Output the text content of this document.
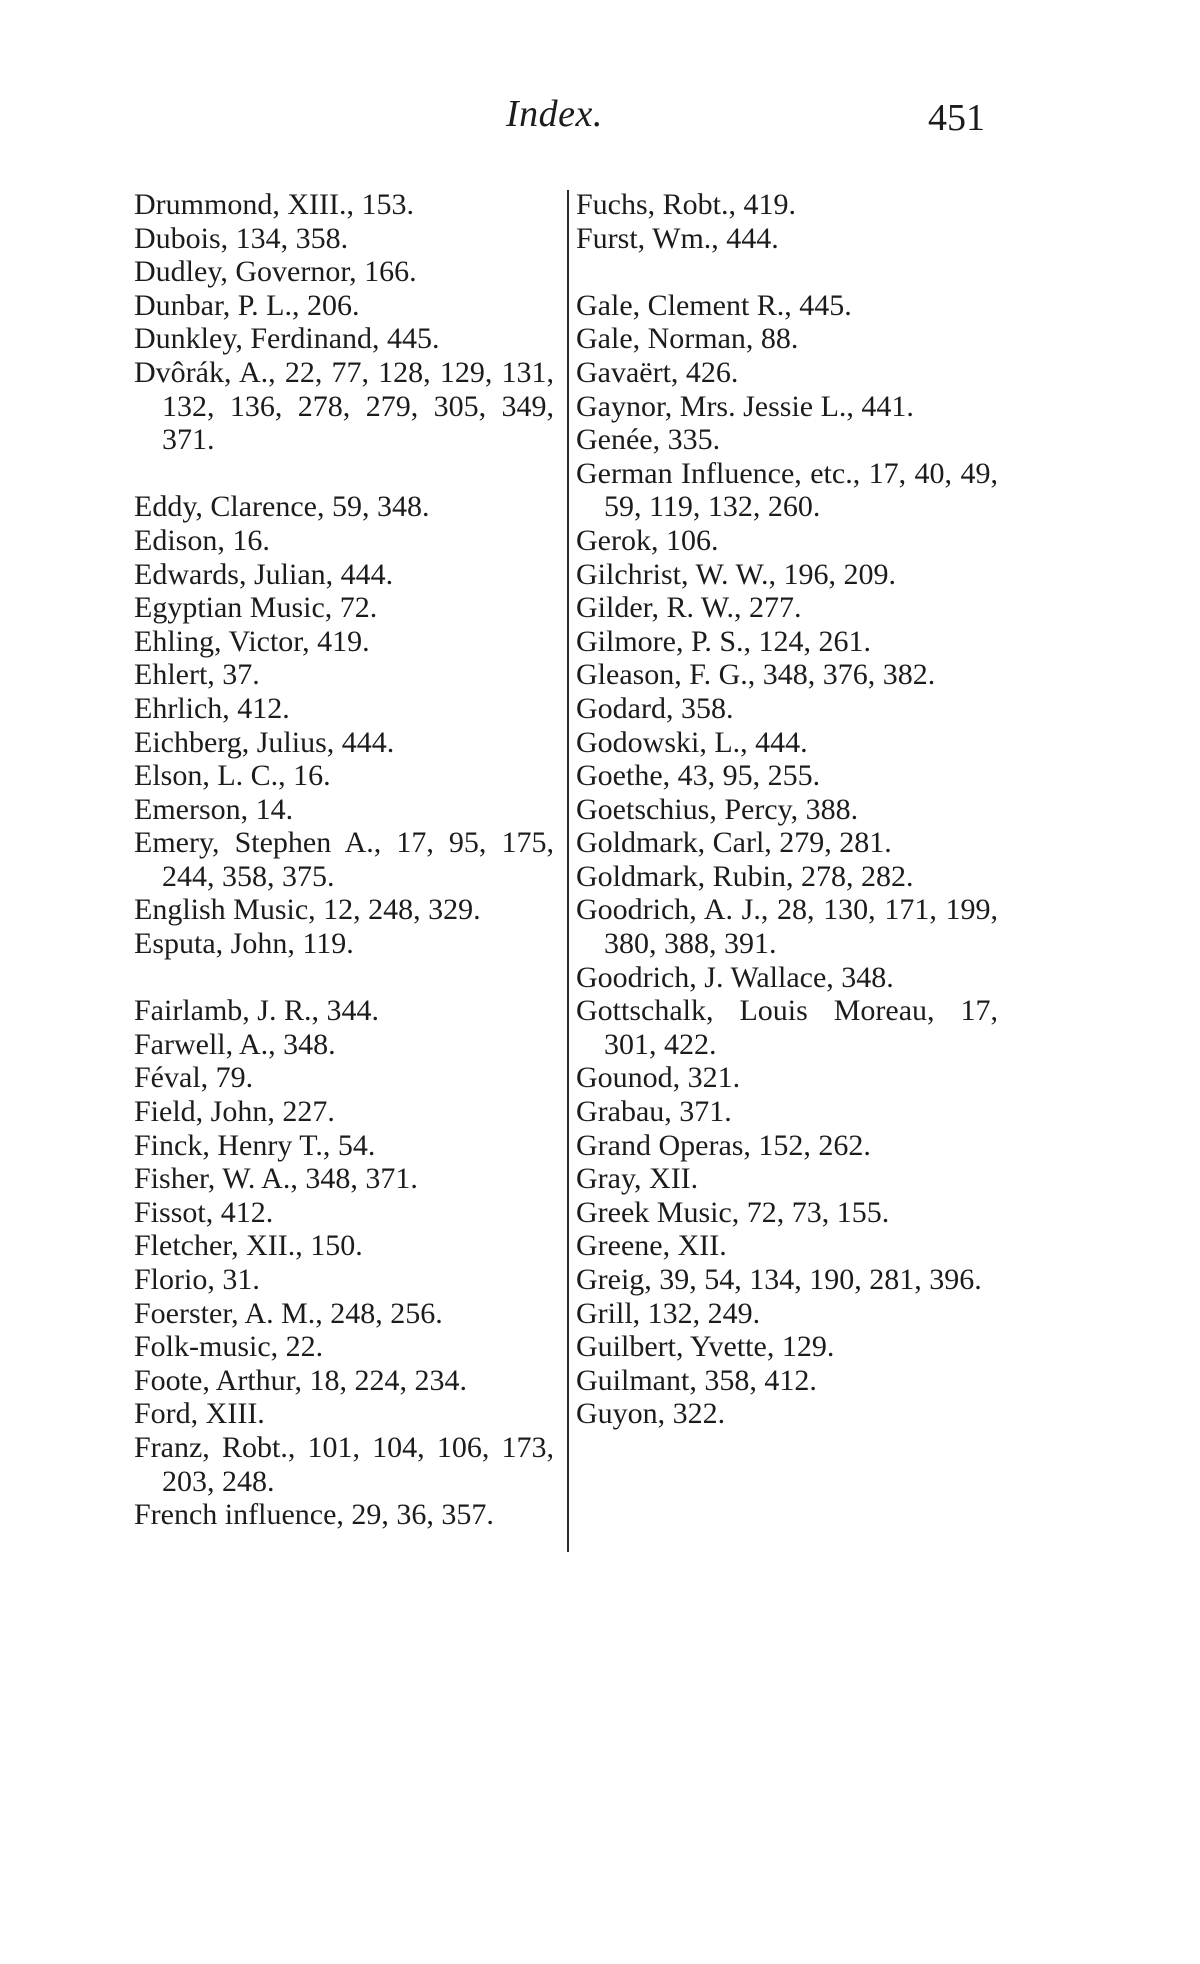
Index.	451

Drummond, XIII., 153.

Dubois, 134, 358.

Dudley, Governor, 166.

Dunbar, P. L., 206.

Dunkley, Ferdinand, 445.

Dvôrák, A., 22, 77, 128, 129, 131, 132, 136, 278, 279, 305, 349, 371.

Eddy, Clarence, 59, 348.

Edison, 16.

Edwards, Julian, 444.

Egyptian Music, 72.

Ehling, Victor, 419.

Ehlert, 37.

Ehrlich, 412.

Eichberg, Julius, 444.

Elson, L. C., 16.

Emerson, 14.

Emery, Stephen A., 17, 95, 175, 244, 358, 375.

English Music, 12, 248, 329.

Esputa, John, 119.

Fairlamb, J. R., 344.

Farwell, A., 348.

Féval, 79.

Field, John, 227.

Finck, Henry T., 54.

Fisher, W. A., 348, 371.

Fissot, 412.

Fletcher, XII., 150.

Florio, 31.

Foerster, A. M., 248, 256.

Folk-music, 22.

Foote, Arthur, 18, 224, 234.

Ford, XIII.

Franz, Robt., 101, 104, 106, 173, 203, 248.

French influence, 29, 36, 357.

Fuchs, Robt., 419.

Furst, Wm., 444.

Gale, Clement R., 445.

Gale, Norman, 88.

Gavaërt, 426.

Gaynor, Mrs. Jessie L., 441.

Genée, 335.

German Influence, etc., 17, 40, 49, 59, 119, 132, 260.

Gerok, 106.

Gilchrist, W. W., 196, 209.

Gilder, R. W., 277.

Gilmore, P. S., 124, 261.

Gleason, F. G., 348, 376, 382.

Godard, 358.

Godowski, L., 444.

Goethe, 43, 95, 255.

Goetschius, Percy, 388.

Goldmark, Carl, 279, 281.

Goldmark, Rubin, 278, 282.

Goodrich, A. J., 28, 130, 171, 199, 380, 388, 391.

Goodrich, J. Wallace, 348.

Gottschalk, Louis Moreau, 17, 301, 422.

Gounod, 321.

Grabau, 371.

Grand Operas, 152, 262.

Gray, XII.

Greek Music, 72, 73, 155.

Greene, XII.

Greig, 39, 54, 134, 190, 281, 396.

Grill, 132, 249.

Guilbert, Yvette, 129.

Guilmant, 358, 412.

Guyon, 322.
